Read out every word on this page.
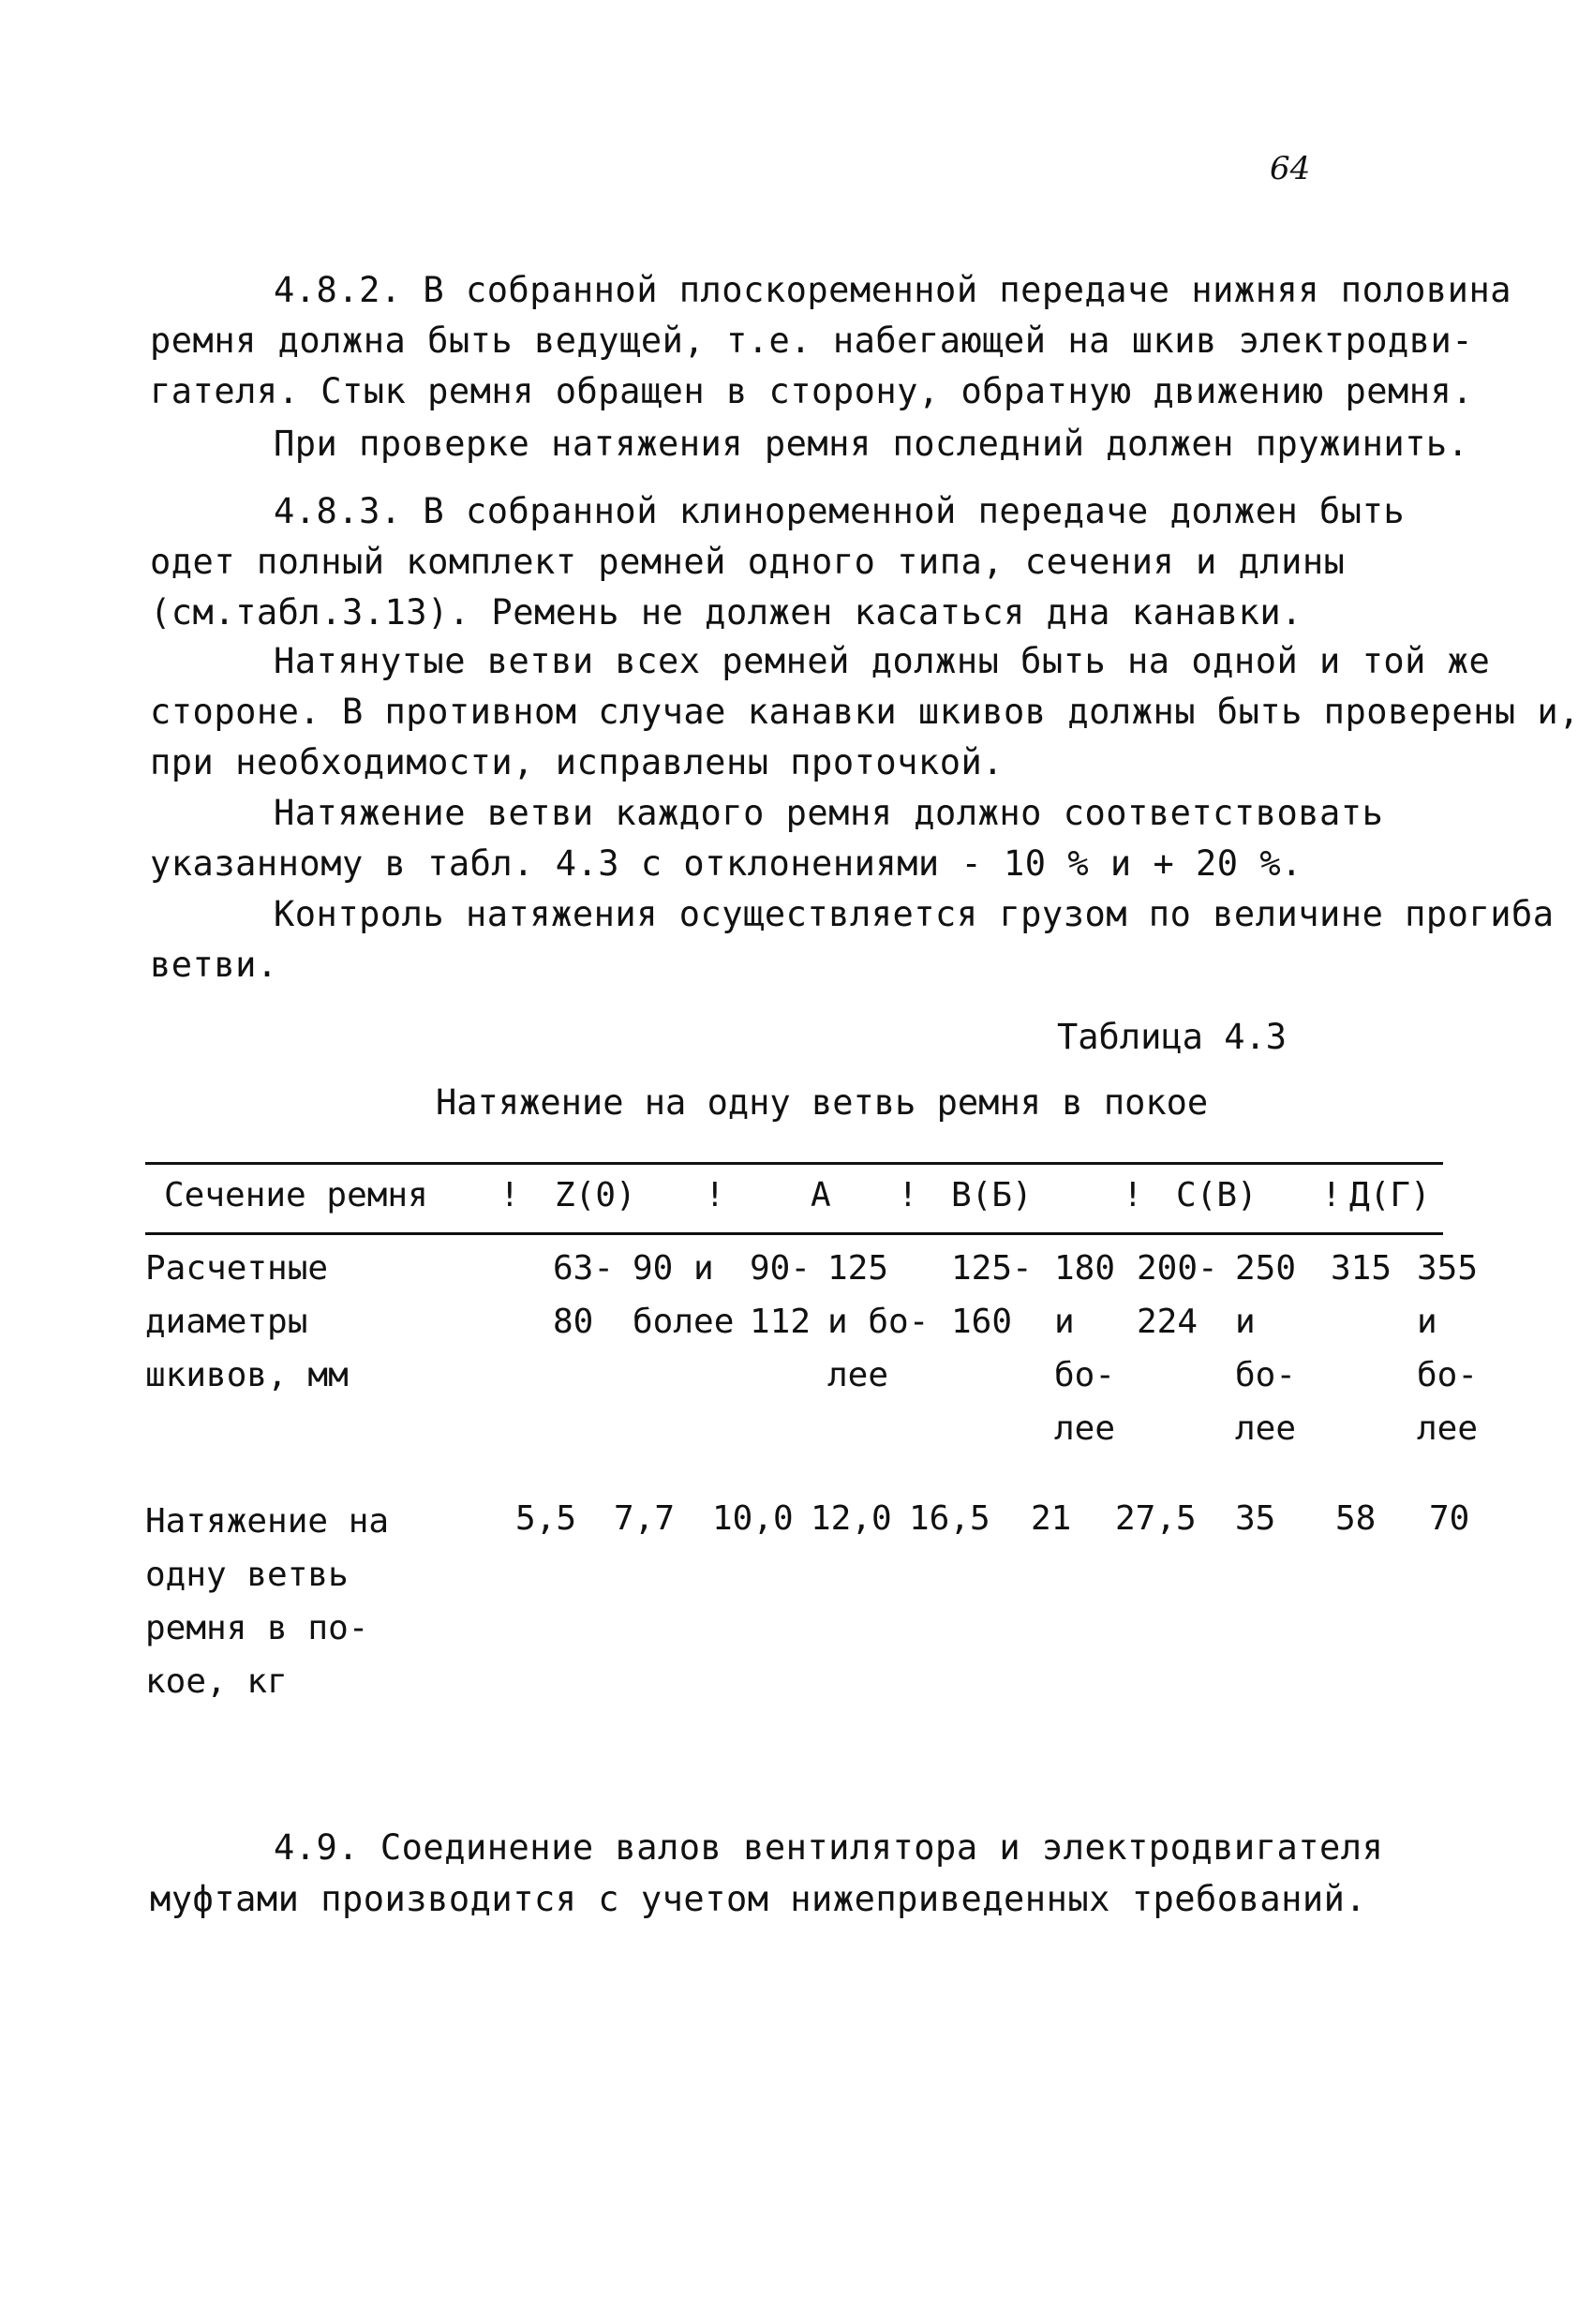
64
4.8.2. В собранной плоскоременной передаче нижняя половина
ремня должна быть ведущей, т.е. набегающей на шкив электродви-
гателя. Стык ремня обращен в сторону, обратную движению ремня.
При проверке натяжения ремня последний должен пружинить.
4.8.3. В собранной клиноременной передаче должен быть
одет полный комплект ремней одного типа, сечения и длины
(см.табл.3.13). Ремень не должен касаться дна канавки.
Натянутые ветви всех ремней должны быть на одной и той же
стороне. В противном случае канавки шкивов должны быть проверены и,
при необходимости, исправлены проточкой.
Натяжение ветви каждого ремня должно соответствовать
указанному в табл. 4.3 с отклонениями - 10 % и + 20 %.
Контроль натяжения осуществляется грузом по величине прогиба
ветви.
Таблица 4.3
Натяжение на одну ветвь ремня в покое
Сечение ремня ! Z(0) !	А ! В(Б)	! С(В) ! Д(Г)
Расчетные
диаметры
шкивов, мм
63-
80
90 и
более
90-
112
125
и бо-
лее
125-
160
180
и
бо-
лее
200-
224
250
и
бо-
лее
315 355
и
бо-
лее
Натяжение на
одну ветвь
ремня в по-
кое, кг
5,5 7,7 10,0 12,0 16,5 21 27,5 35 58 70
4.9. Соединение валов вентилятора и электродвигателя
муфтами производится с учетом нижеприведенных требований.
